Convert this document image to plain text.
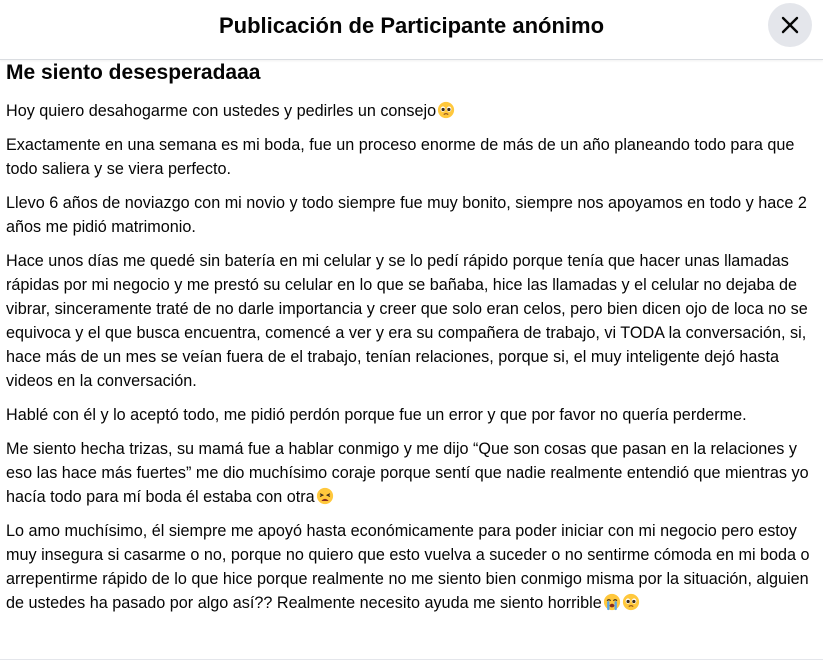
Publicación de Participante anónimo
Me siento desesperadaaa

Hoy quiero desahogarme con ustedes y pedirles un consejo

Exactamente en una semana es mi boda, fue un proceso enorme de más de un año planeando todo para que todo saliera y se viera perfecto.

Llevo 6 años de noviazgo con mi novio y todo siempre fue muy bonito, siempre nos apoyamos en todo y hace 2 años me pidió matrimonio.

Hace unos días me quedé sin batería en mi celular y se lo pedí rápido porque tenía que hacer unas llamadas rápidas por mi negocio y me prestó su celular en lo que se bañaba, hice las llamadas y el celular no dejaba de vibrar, sinceramente traté de no darle importancia y creer que solo eran celos, pero bien dicen ojo de loca no se equivoca y el que busca encuentra, comencé a ver y era su compañera de trabajo, vi TODA la conversación, si, hace más de un mes se veían fuera de el trabajo, tenían relaciones, porque si, el muy inteligente dejó hasta videos en la conversación.

Hablé con él y lo aceptó todo, me pidió perdón porque fue un error y que por favor no quería perderme.

Me siento hecha trizas, su mamá fue a hablar conmigo y me dijo “Que son cosas que pasan en la relaciones y eso las hace más fuertes” me dio muchísimo coraje porque sentí que nadie realmente entendió que mientras yo hacía todo para mí boda él estaba con otra

Lo amo muchísimo, él siempre me apoyó hasta económicamente para poder iniciar con mi negocio pero estoy muy insegura si casarme o no, porque no quiero que esto vuelva a suceder o no sentirme cómoda en mi boda o arrepentirme rápido de lo que hice porque realmente no me siento bien conmigo misma por la situación, alguien de ustedes ha pasado por algo así?? Realmente necesito ayuda me siento horrible
